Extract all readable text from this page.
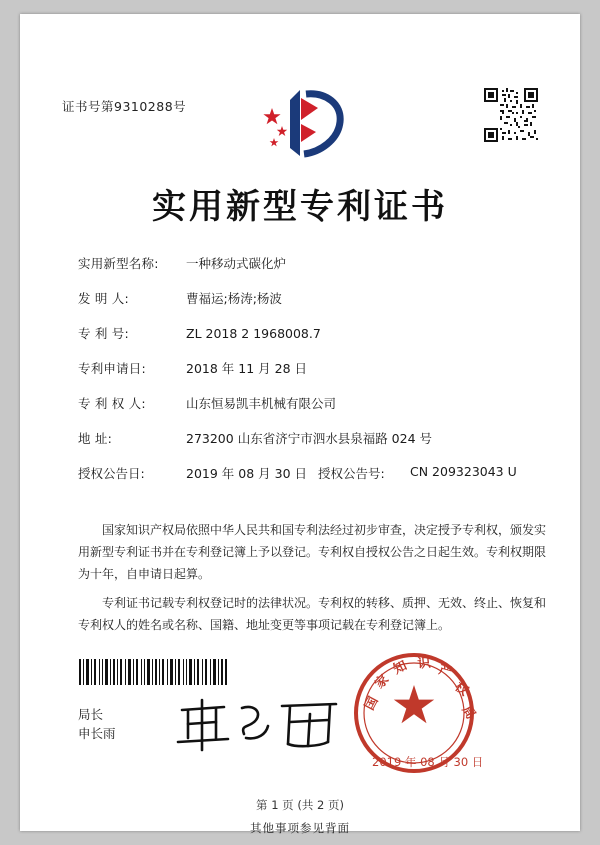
证书号第9310288号
实用新型专利证书
实用新型名称:	一种移动式碳化炉
发 明 人:	曹福运;杨涛;杨波
专 利 号:	ZL 2018 2 1968008.7
专利申请日:	2018 年 11 月 28 日
专 利 权 人:	山东恒易凯丰机械有限公司
地 址:	273200 山东省济宁市泗水县泉福路 024 号
授权公告日:	2019 年 08 月 30 日 授权公告号:	CN 209323043 U

国家知识产权局依照中华人民共和国专利法经过初步审查，决定授予专利权，颁发实用新型专利证书并在专利登记簿上予以登记。专利权自授权公告之日起生效。专利权期限为十年，自申请日起算。

专利证书记载专利权登记时的法律状况。专利权的转移、质押、无效、终止、恢复和专利权人的姓名或名称、国籍、地址变更等事项记载在专利登记簿上。

局长
申长雨
国
家
知 识 产
权
局
2019 年 08 月 30 日
第 1 页 (共 2 页)
其他事项参见背面
